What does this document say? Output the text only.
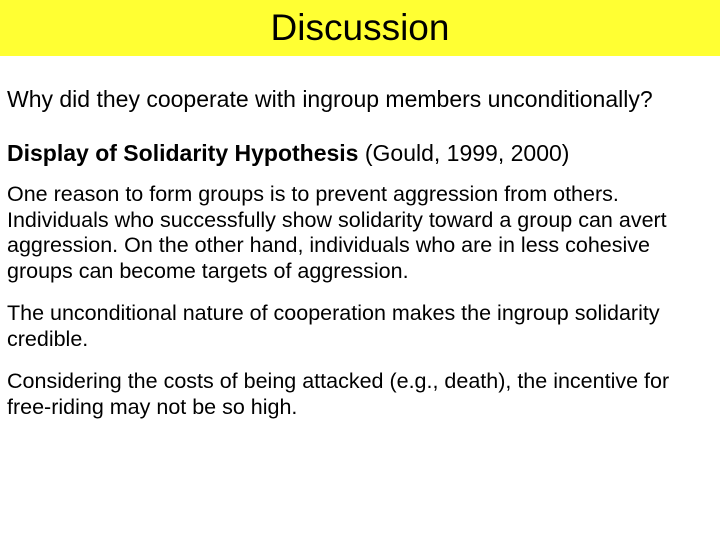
Discussion

Why did they cooperate with ingroup members unconditionally?

Display of Solidarity Hypothesis (Gould, 1999, 2000)

One reason to form groups is to prevent aggression from others. Individuals who successfully show solidarity toward a group can avert aggression. On the other hand, individuals who are in less cohesive groups can become targets of aggression.

The unconditional nature of cooperation makes the ingroup solidarity credible.

Considering the costs of being attacked (e.g., death), the incentive for free-riding may not be so high.
